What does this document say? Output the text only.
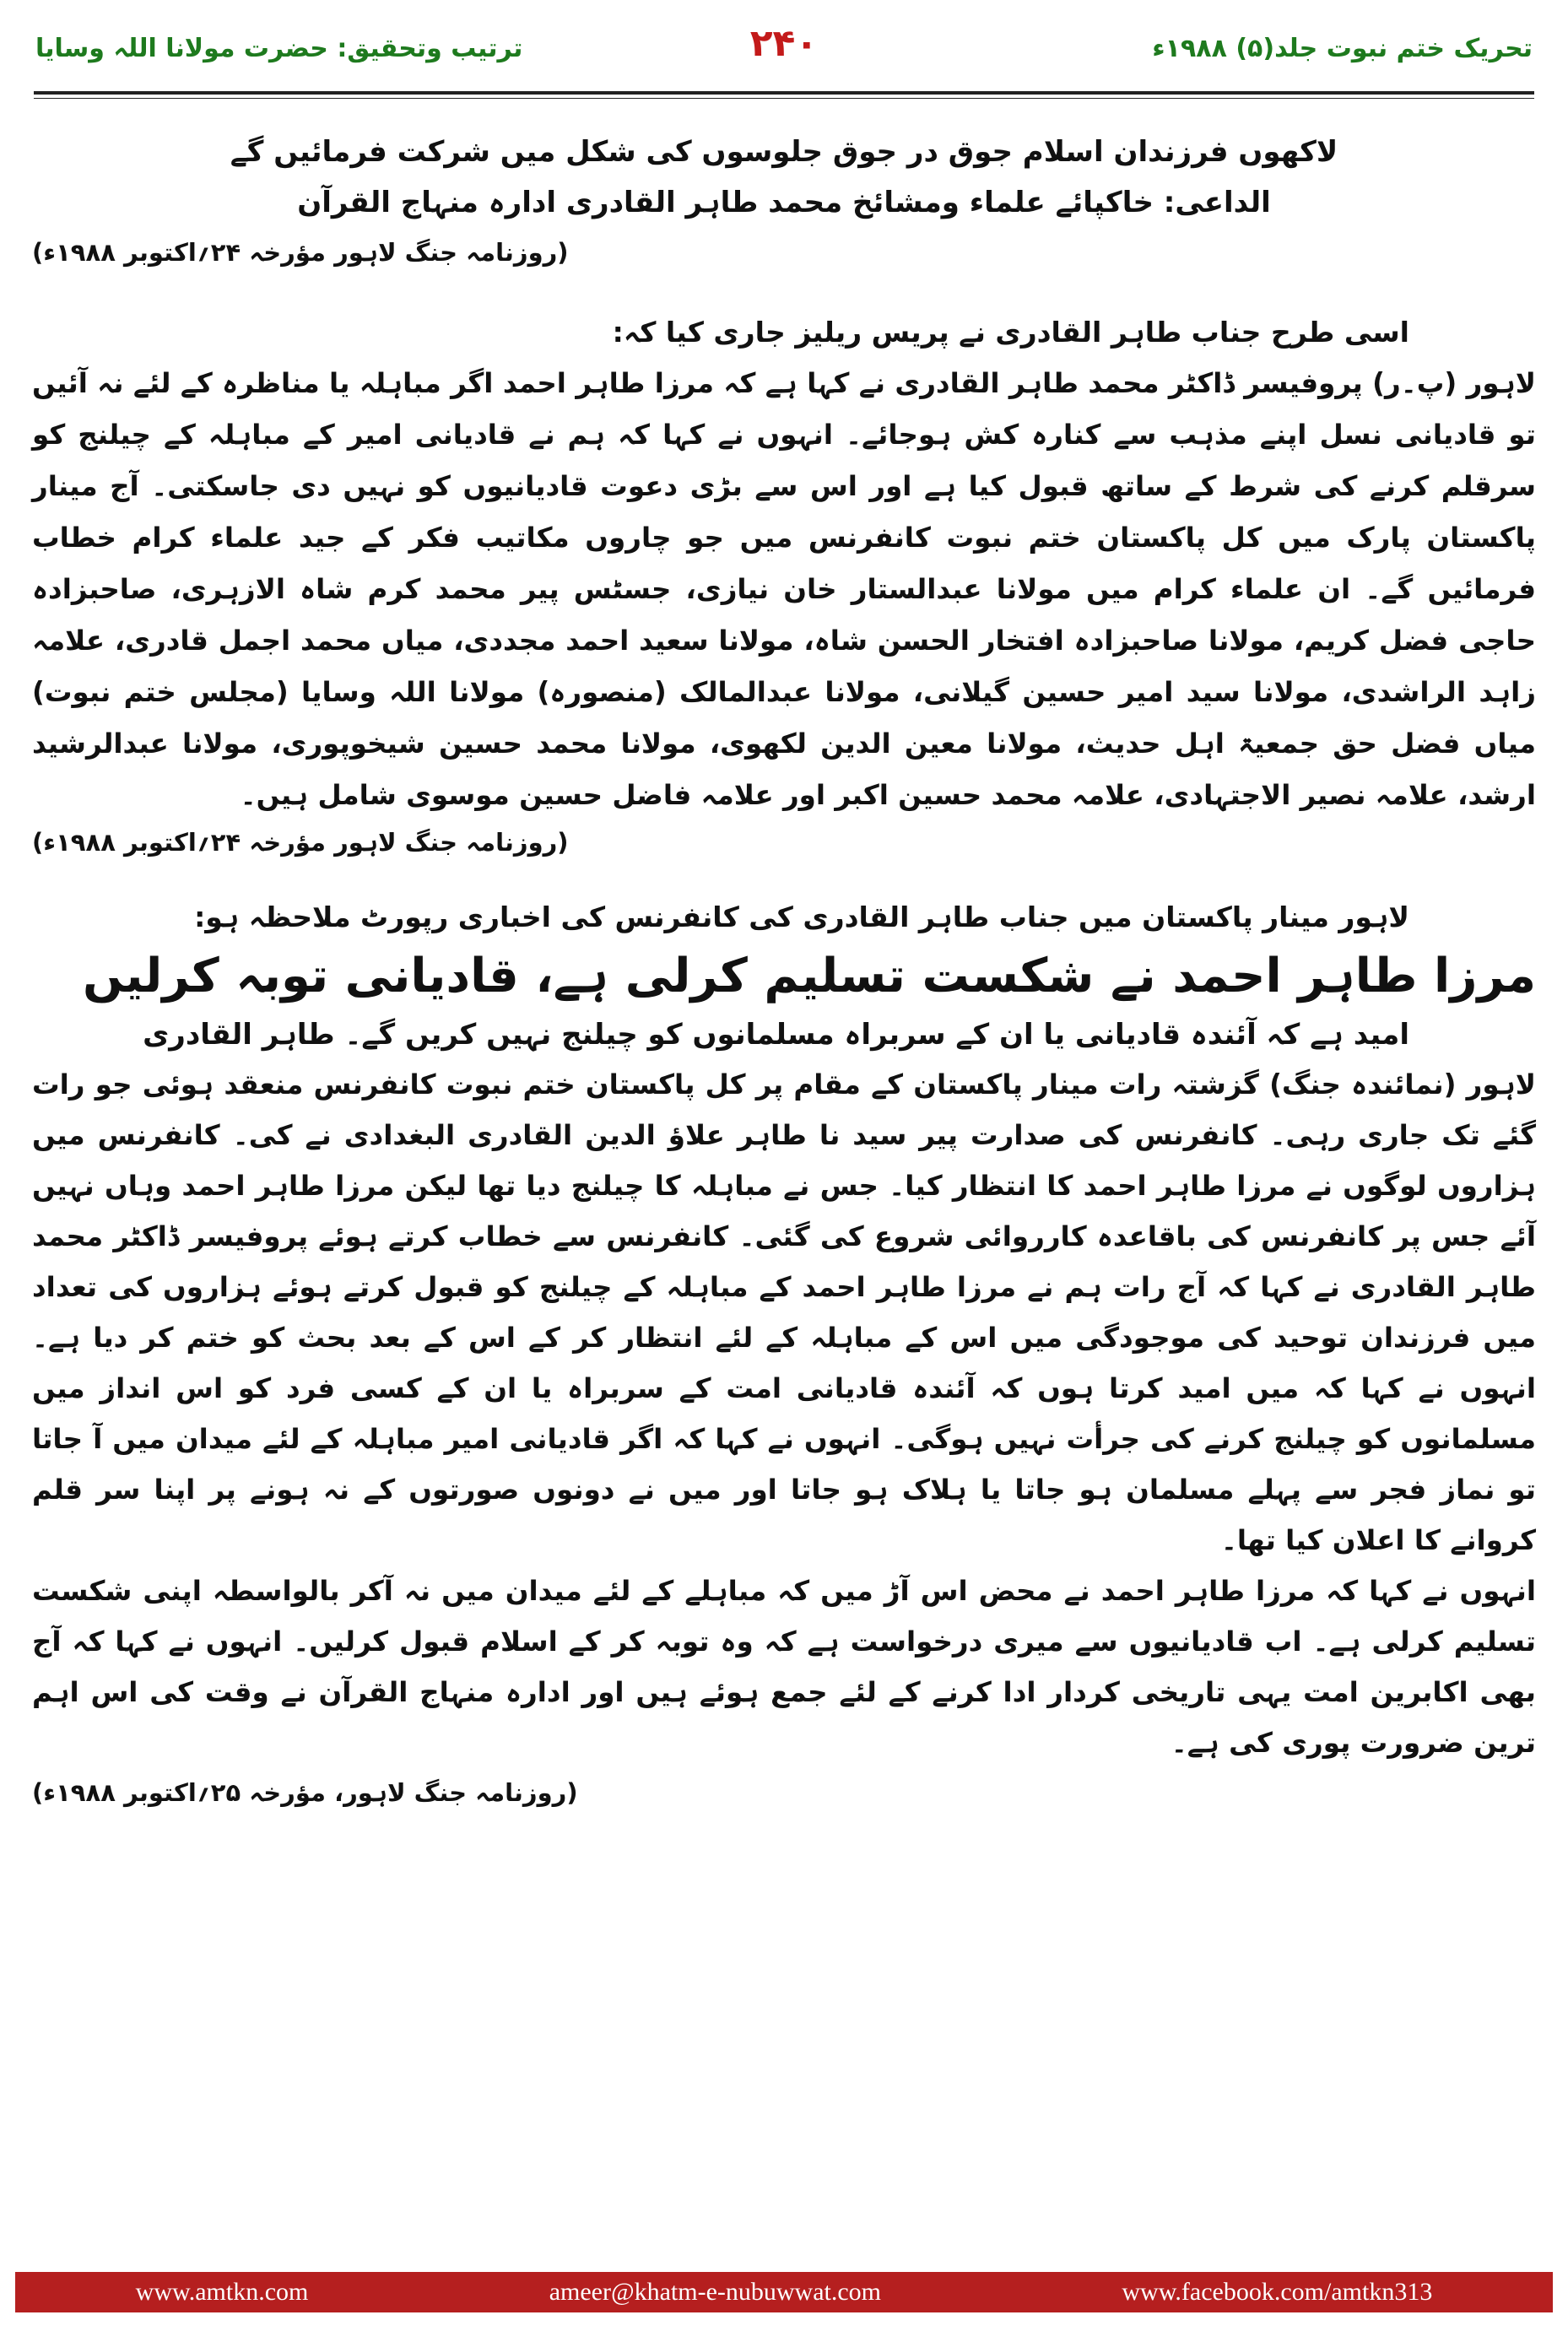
تحریک ختم نبوت جلد(۵) ۱۹۸۸ء
۲۴۰
ترتیب وتحقیق: حضرت مولانا اللہ وسایا
لاکھوں فرزندان اسلام جوق در جوق جلوسوں کی شکل میں شرکت فرمائیں گے
الداعی: خاکپائے علماء ومشائخ محمد طاہر القادری ادارہ منہاج القرآن
(روزنامہ جنگ لاہور مؤرخہ ۲۴؍اکتوبر ۱۹۸۸ء)
اسی طرح جناب طاہر القادری نے پریس ریلیز جاری کیا کہ:
لاہور (پ۔ر) پروفیسر ڈاکٹر محمد طاہر القادری نے کہا ہے کہ مرزا طاہر احمد اگر مباہلہ یا مناظرہ کے لئے نہ آئیں تو قادیانی نسل اپنے مذہب سے کنارہ کش ہوجائے۔ انہوں نے کہا کہ ہم نے قادیانی امیر کے مباہلہ کے چیلنج کو سرقلم کرنے کی شرط کے ساتھ قبول کیا ہے اور اس سے بڑی دعوت قادیانیوں کو نہیں دی جاسکتی۔ آج مینار پاکستان پارک میں کل پاکستان ختم نبوت کانفرنس میں جو چاروں مکاتیب فکر کے جید علماء کرام خطاب فرمائیں گے۔ ان علماء کرام میں مولانا عبدالستار خان نیازی، جسٹس پیر محمد کرم شاہ الازہری، صاحبزادہ حاجی فضل کریم، مولانا صاحبزادہ افتخار الحسن شاہ، مولانا سعید احمد مجددی، میاں محمد اجمل قادری، علامہ زاہد الراشدی، مولانا سید امیر حسین گیلانی، مولانا عبدالمالک (منصورہ) مولانا اللہ وسایا (مجلس ختم نبوت) میاں فضل حق جمعیۃ اہل حدیث، مولانا معین الدین لکھوی، مولانا محمد حسین شیخوپوری، مولانا عبدالرشید ارشد، علامہ نصیر الاجتہادی، علامہ محمد حسین اکبر اور علامہ فاضل حسین موسوی شامل ہیں۔
(روزنامہ جنگ لاہور مؤرخہ ۲۴؍اکتوبر ۱۹۸۸ء)
لاہور مینار پاکستان میں جناب طاہر القادری کی کانفرنس کی اخباری رپورٹ ملاحظہ ہو:
مرزا طاہر احمد نے شکست تسلیم کرلی ہے، قادیانی توبہ کرلیں
امید ہے کہ آئندہ قادیانی یا ان کے سربراہ مسلمانوں کو چیلنج نہیں کریں گے۔ طاہر القادری
لاہور (نمائندہ جنگ) گزشتہ رات مینار پاکستان کے مقام پر کل پاکستان ختم نبوت کانفرنس منعقد ہوئی جو رات گئے تک جاری رہی۔ کانفرنس کی صدارت پیر سید نا طاہر علاؤ الدین القادری البغدادی نے کی۔ کانفرنس میں ہزاروں لوگوں نے مرزا طاہر احمد کا انتظار کیا۔ جس نے مباہلہ کا چیلنج دیا تھا لیکن مرزا طاہر احمد وہاں نہیں آئے جس پر کانفرنس کی باقاعدہ کارروائی شروع کی گئی۔ کانفرنس سے خطاب کرتے ہوئے پروفیسر ڈاکٹر محمد طاہر القادری نے کہا کہ آج رات ہم نے مرزا طاہر احمد کے مباہلہ کے چیلنج کو قبول کرتے ہوئے ہزاروں کی تعداد میں فرزندان توحید کی موجودگی میں اس کے مباہلہ کے لئے انتظار کر کے اس کے بعد بحث کو ختم کر دیا ہے۔ انہوں نے کہا کہ میں امید کرتا ہوں کہ آئندہ قادیانی امت کے سربراہ یا ان کے کسی فرد کو اس انداز میں مسلمانوں کو چیلنج کرنے کی جرأت نہیں ہوگی۔ انہوں نے کہا کہ اگر قادیانی امیر مباہلہ کے لئے میدان میں آ جاتا تو نماز فجر سے پہلے مسلمان ہو جاتا یا ہلاک ہو جاتا اور میں نے دونوں صورتوں کے نہ ہونے پر اپنا سر قلم کروانے کا اعلان کیا تھا۔
انہوں نے کہا کہ مرزا طاہر احمد نے محض اس آڑ میں کہ مباہلے کے لئے میدان میں نہ آکر بالواسطہ اپنی شکست تسلیم کرلی ہے۔ اب قادیانیوں سے میری درخواست ہے کہ وہ توبہ کر کے اسلام قبول کرلیں۔ انہوں نے کہا کہ آج بھی اکابرین امت یہی تاریخی کردار ادا کرنے کے لئے جمع ہوئے ہیں اور ادارہ منہاج القرآن نے وقت کی اس اہم ترین ضرورت پوری کی ہے۔
(روزنامہ جنگ لاہور، مؤرخہ ۲۵؍اکتوبر ۱۹۸۸ء)
www.amtkn.com	ameer@khatm-e-nubuwwat.com	www.facebook.com/amtkn313
